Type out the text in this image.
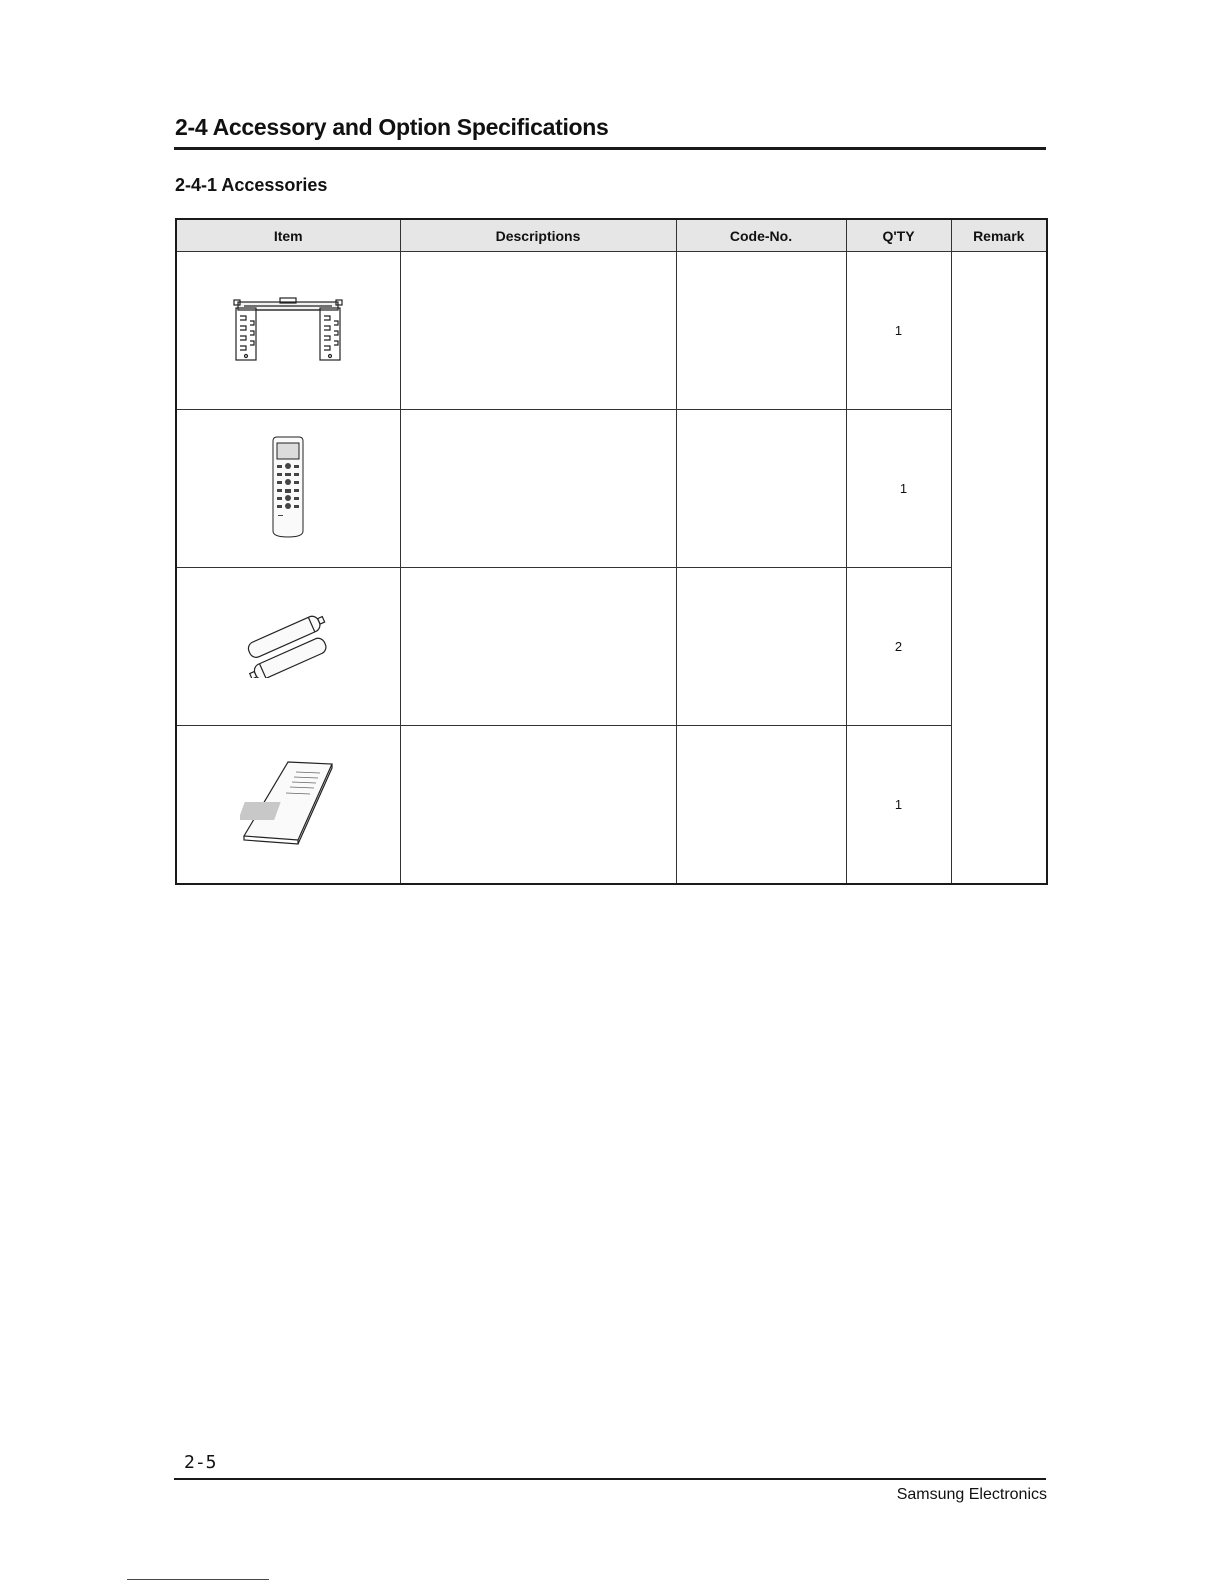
2-4 Accessory and Option Specifications
2-4-1 Accessories
Item	Descriptions	Code-No.	Q'TY	Remark
			1	
			1	
			2	
			1	
2-5
Samsung Electronics
